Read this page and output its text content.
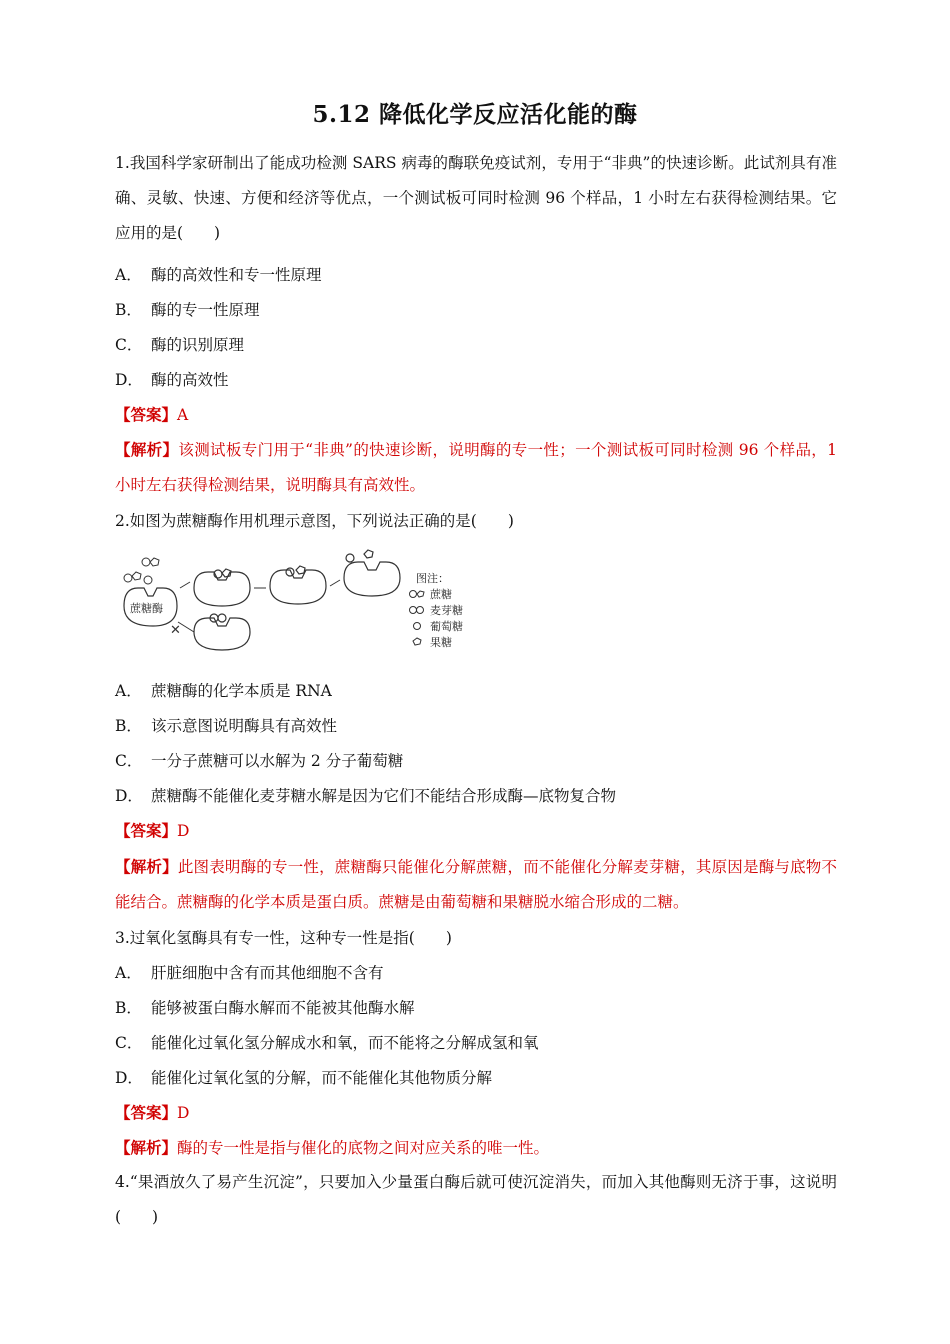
5.12 降低化学反应活化能的酶
1.我国科学家研制出了能成功检测 SARS 病毒的酶联免疫试剂，专用于“非典”的快速诊断。此试剂具有准确、灵敏、快速、方便和经济等优点，一个测试板可同时检测 96 个样品，1 小时左右获得检测结果。它应用的是(　　)
A． 酶的高效性和专一性原理
B． 酶的专一性原理
C． 酶的识别原理
D． 酶的高效性
【答案】A
【解析】该测试板专门用于“非典”的快速诊断，说明酶的专一性；一个测试板可同时检测 96 个样品，1 小时左右获得检测结果，说明酶具有高效性。
2.如图为蔗糖酶作用机理示意图，下列说法正确的是(　　)
蔗糖酶
✕
图注：
蔗糖
麦芽糖
葡萄糖
果糖
A． 蔗糖酶的化学本质是 RNA
B． 该示意图说明酶具有高效性
C． 一分子蔗糖可以水解为 2 分子葡萄糖
D． 蔗糖酶不能催化麦芽糖水解是因为它们不能结合形成酶—底物复合物
【答案】D
【解析】此图表明酶的专一性，蔗糖酶只能催化分解蔗糖，而不能催化分解麦芽糖，其原因是酶与底物不能结合。蔗糖酶的化学本质是蛋白质。蔗糖是由葡萄糖和果糖脱水缩合形成的二糖。
3.过氧化氢酶具有专一性，这种专一性是指(　　)
A． 肝脏细胞中含有而其他细胞不含有
B． 能够被蛋白酶水解而不能被其他酶水解
C． 能催化过氧化氢分解成水和氧，而不能将之分解成氢和氧
D． 能催化过氧化氢的分解，而不能催化其他物质分解
【答案】D
【解析】酶的专一性是指与催化的底物之间对应关系的唯一性。
4.“果酒放久了易产生沉淀”，只要加入少量蛋白酶后就可使沉淀消失，而加入其他酶则无济于事，这说明(　　)
